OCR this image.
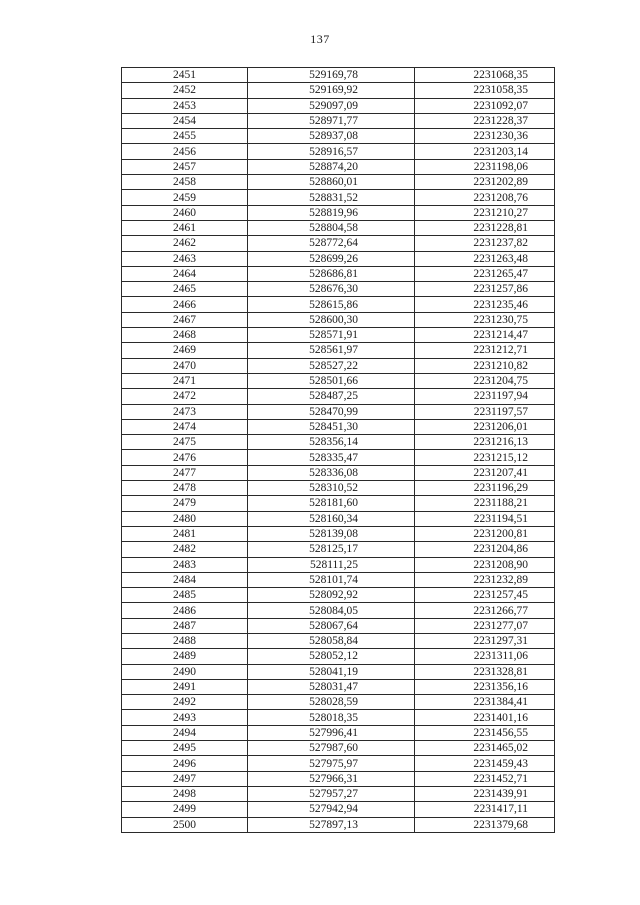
137
2451	529169,78	2231068,35
2452	529169,92	2231058,35
2453	529097,09	2231092,07
2454	528971,77	2231228,37
2455	528937,08	2231230,36
2456	528916,57	2231203,14
2457	528874,20	2231198,06
2458	528860,01	2231202,89
2459	528831,52	2231208,76
2460	528819,96	2231210,27
2461	528804,58	2231228,81
2462	528772,64	2231237,82
2463	528699,26	2231263,48
2464	528686,81	2231265,47
2465	528676,30	2231257,86
2466	528615,86	2231235,46
2467	528600,30	2231230,75
2468	528571,91	2231214,47
2469	528561,97	2231212,71
2470	528527,22	2231210,82
2471	528501,66	2231204,75
2472	528487,25	2231197,94
2473	528470,99	2231197,57
2474	528451,30	2231206,01
2475	528356,14	2231216,13
2476	528335,47	2231215,12
2477	528336,08	2231207,41
2478	528310,52	2231196,29
2479	528181,60	2231188,21
2480	528160,34	2231194,51
2481	528139,08	2231200,81
2482	528125,17	2231204,86
2483	528111,25	2231208,90
2484	528101,74	2231232,89
2485	528092,92	2231257,45
2486	528084,05	2231266,77
2487	528067,64	2231277,07
2488	528058,84	2231297,31
2489	528052,12	2231311,06
2490	528041,19	2231328,81
2491	528031,47	2231356,16
2492	528028,59	2231384,41
2493	528018,35	2231401,16
2494	527996,41	2231456,55
2495	527987,60	2231465,02
2496	527975,97	2231459,43
2497	527966,31	2231452,71
2498	527957,27	2231439,91
2499	527942,94	2231417,11
2500	527897,13	2231379,68
